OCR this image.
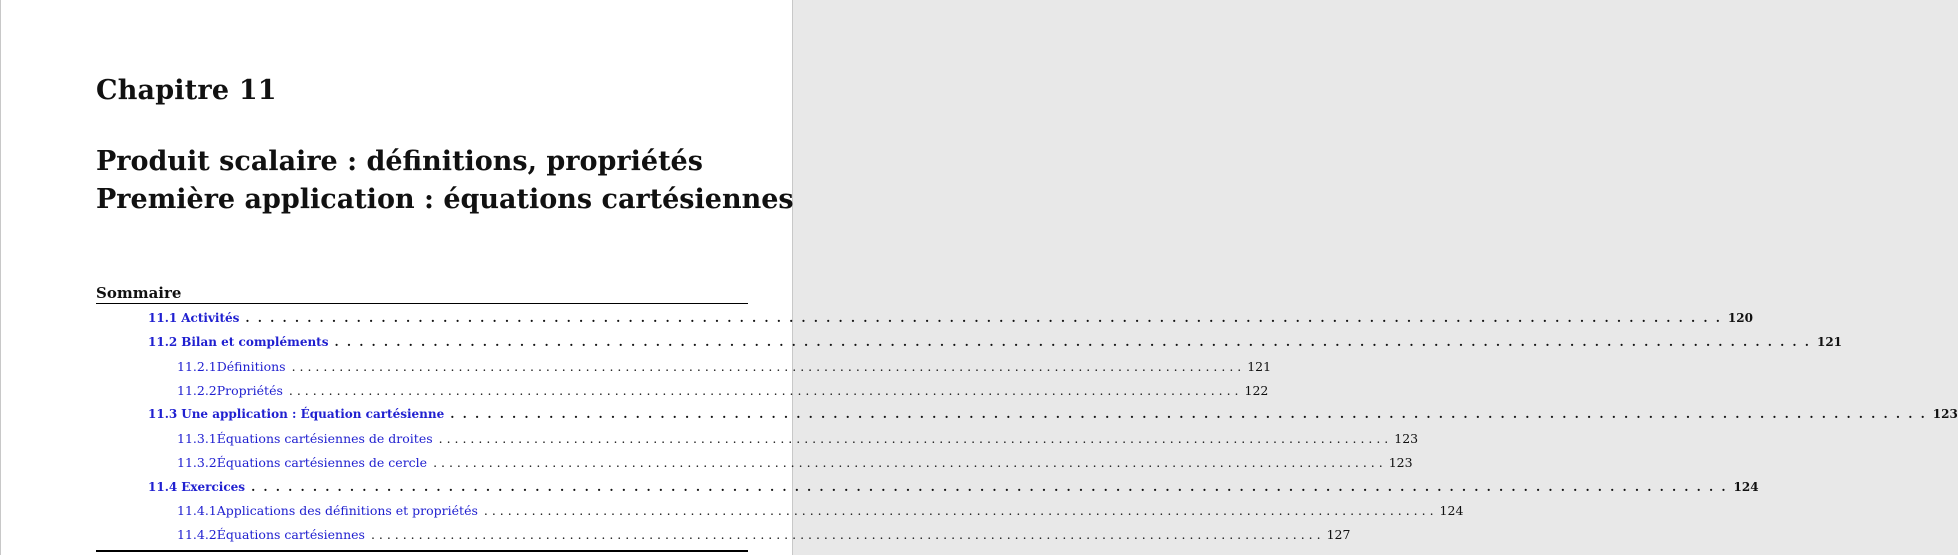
Chapitre 11
Produit scalaire : définitions, propriétés
Première application : équations cartésiennes
Sommaire
11.1 Activités . . . . . . . . . . . . . . . . . . . . . . . . . . . . . . . . . . . . . . . . . . . . . . . . . . . . . . . . . . . . . . . . . . . . . . . . . . . . . . . . . . . . . . . . . . . . . . . . . . . . . . . . . . . . . . . . . . . . . . . . 120
11.2 Bilan et compléments . . . . . . . . . . . . . . . . . . . . . . . . . . . . . . . . . . . . . . . . . . . . . . . . . . . . . . . . . . . . . . . . . . . . . . . . . . . . . . . . . . . . . . . . . . . . . . . . . . . . . . . . . . . . . . . . . . . . . . . . 121
11.2.1 Définitions . . . . . . . . . . . . . . . . . . . . . . . . . . . . . . . . . . . . . . . . . . . . . . . . . . . . . . . . . . . . . . . . . . . . . . . . . . . . . . . . . . . . . . . . . . . . . . . . . . . . . . . . . . . . . . . . . . . . . . . . 121
11.2.2 Propriétés . . . . . . . . . . . . . . . . . . . . . . . . . . . . . . . . . . . . . . . . . . . . . . . . . . . . . . . . . . . . . . . . . . . . . . . . . . . . . . . . . . . . . . . . . . . . . . . . . . . . . . . . . . . . . . . . . . . . . . . . 122
11.3 Une application : Équation cartésienne . . . . . . . . . . . . . . . . . . . . . . . . . . . . . . . . . . . . . . . . . . . . . . . . . . . . . . . . . . . . . . . . . . . . . . . . . . . . . . . . . . . . . . . . . . . . . . . . . . . . . . . . . . . . . . . . . . . . . . . . 123
11.3.1 Équations cartésiennes de droites . . . . . . . . . . . . . . . . . . . . . . . . . . . . . . . . . . . . . . . . . . . . . . . . . . . . . . . . . . . . . . . . . . . . . . . . . . . . . . . . . . . . . . . . . . . . . . . . . . . . . . . . . . . . . . . . . . . . . . . . 123
11.3.2 Équations cartésiennes de cercle . . . . . . . . . . . . . . . . . . . . . . . . . . . . . . . . . . . . . . . . . . . . . . . . . . . . . . . . . . . . . . . . . . . . . . . . . . . . . . . . . . . . . . . . . . . . . . . . . . . . . . . . . . . . . . . . . . . . . . . . 123
11.4 Exercices . . . . . . . . . . . . . . . . . . . . . . . . . . . . . . . . . . . . . . . . . . . . . . . . . . . . . . . . . . . . . . . . . . . . . . . . . . . . . . . . . . . . . . . . . . . . . . . . . . . . . . . . . . . . . . . . . . . . . . . . 124
11.4.1 Applications des définitions et propriétés . . . . . . . . . . . . . . . . . . . . . . . . . . . . . . . . . . . . . . . . . . . . . . . . . . . . . . . . . . . . . . . . . . . . . . . . . . . . . . . . . . . . . . . . . . . . . . . . . . . . . . . . . . . . . . . . . . . . . . . . 124
11.4.2 Équations cartésiennes . . . . . . . . . . . . . . . . . . . . . . . . . . . . . . . . . . . . . . . . . . . . . . . . . . . . . . . . . . . . . . . . . . . . . . . . . . . . . . . . . . . . . . . . . . . . . . . . . . . . . . . . . . . . . . . . . . . . . . . . 127
